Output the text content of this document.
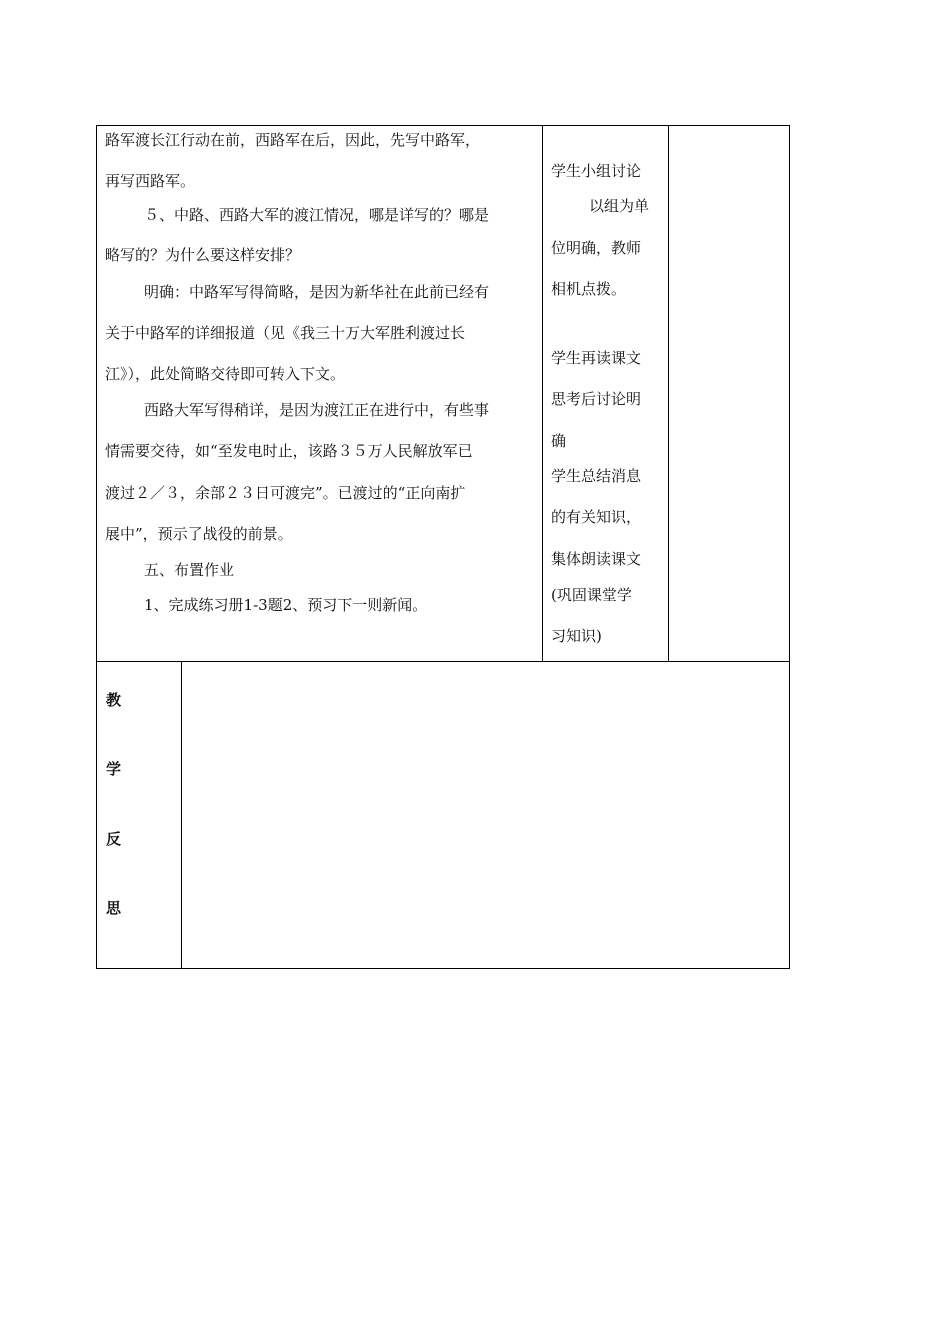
路军渡长江行动在前，西路军在后，因此，先写中路军，
再写西路军。
５、中路、西路大军的渡江情况，哪是详写的？哪是
略写的？为什么要这样安排？
明确：中路军写得简略，是因为新华社在此前已经有
关于中路军的详细报道（见《我三十万大军胜利渡过长
江》），此处简略交待即可转入下文。
西路大军写得稍详，是因为渡江正在进行中，有些事
情需要交待，如“至发电时止，该路３５万人民解放军已
渡过２／３，余部２３日可渡完”。已渡过的“正向南扩
展中”，预示了战役的前景。
五、布置作业
1、完成练习册1-3题2、预习下一则新闻。
学生小组讨论
以组为单
位明确，教师
相机点拨。
学生再读课文
思考后讨论明
确
学生总结消息
的有关知识，
集体朗读课文
(巩固课堂学
习知识)
教
学
反
思
